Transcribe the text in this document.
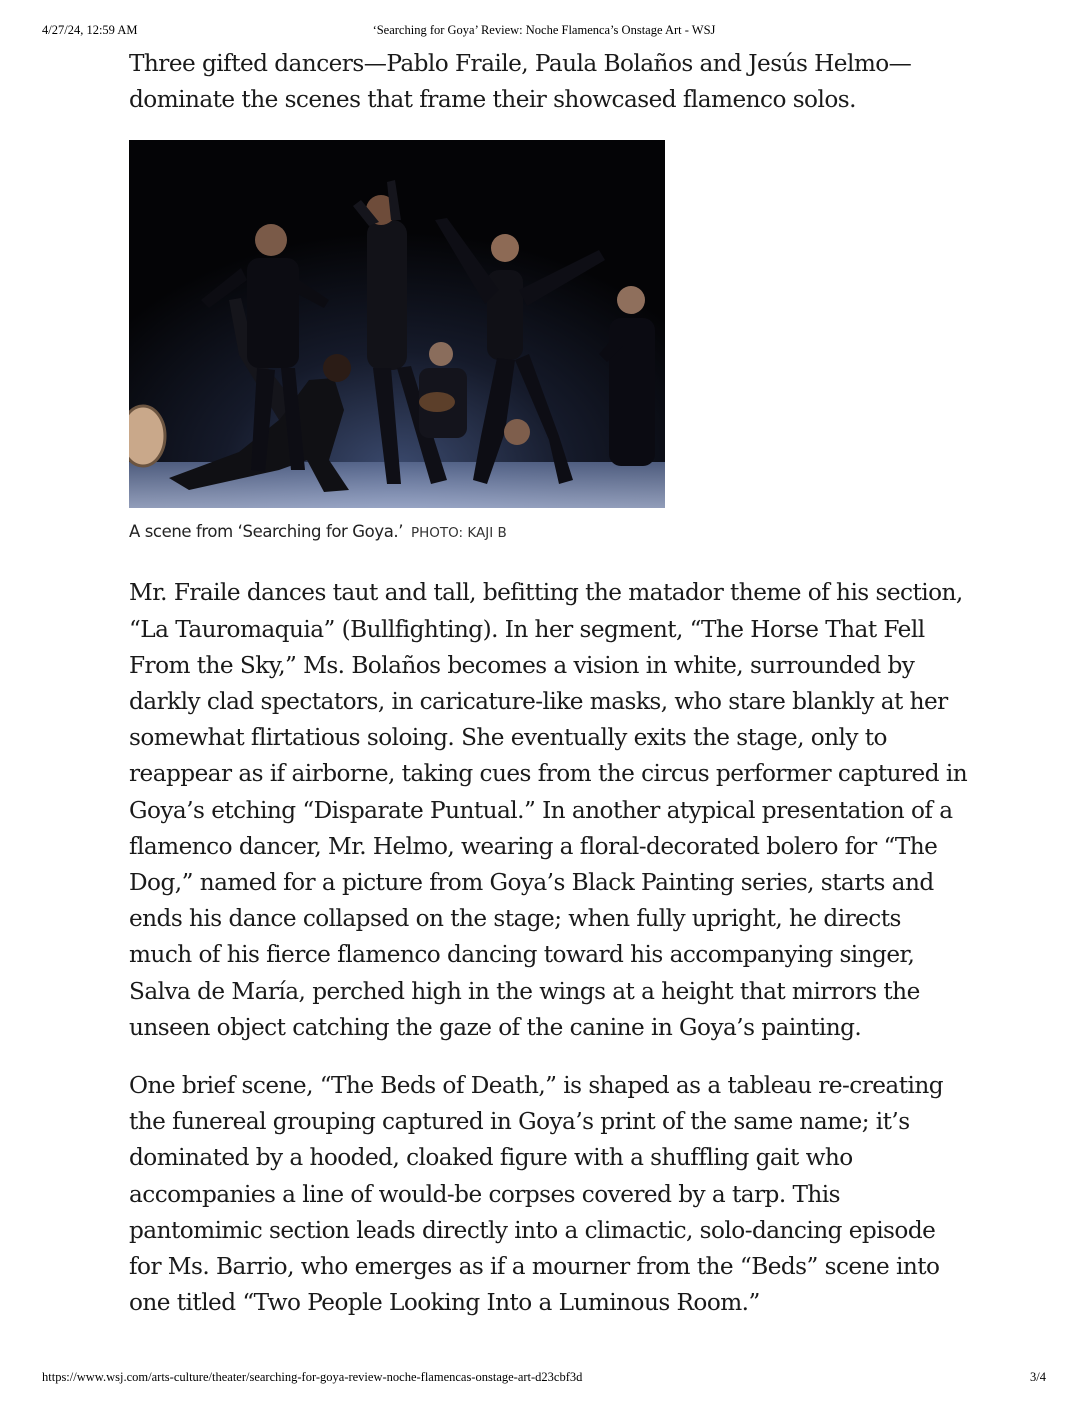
4/27/24, 12:59 AM	‘Searching for Goya’ Review: Noche Flamenca’s Onstage Art - WSJ

Three gifted dancers—Pablo Fraile, Paula Bolaños and Jesús Helmo—dominate the scenes that frame their showcased flamenco solos.

A scene from ‘Searching for Goya.’ PHOTO: KAJI B

Mr. Fraile dances taut and tall, befitting the matador theme of his section, “La Tauromaquia” (Bullfighting). In her segment, “The Horse That Fell From the Sky,” Ms. Bolaños becomes a vision in white, surrounded by darkly clad spectators, in caricature-like masks, who stare blankly at her somewhat flirtatious soloing. She eventually exits the stage, only to reappear as if airborne, taking cues from the circus performer captured in Goya’s etching “Disparate Puntual.” In another atypical presentation of a flamenco dancer, Mr. Helmo, wearing a floral-decorated bolero for “The Dog,” named for a picture from Goya’s Black Painting series, starts and ends his dance collapsed on the stage; when fully upright, he directs much of his fierce flamenco dancing toward his accompanying singer, Salva de María, perched high in the wings at a height that mirrors the unseen object catching the gaze of the canine in Goya’s painting.

One brief scene, “The Beds of Death,” is shaped as a tableau re-creating the funereal grouping captured in Goya’s print of the same name; it’s dominated by a hooded, cloaked figure with a shuffling gait who accompanies a line of would-be corpses covered by a tarp. This pantomimic section leads directly into a climactic, solo-dancing episode for Ms. Barrio, who emerges as if a mourner from the “Beds” scene into one titled “Two People Looking Into a Luminous Room.”

https://www.wsj.com/arts-culture/theater/searching-for-goya-review-noche-flamencas-onstage-art-d23cbf3d	3/4
